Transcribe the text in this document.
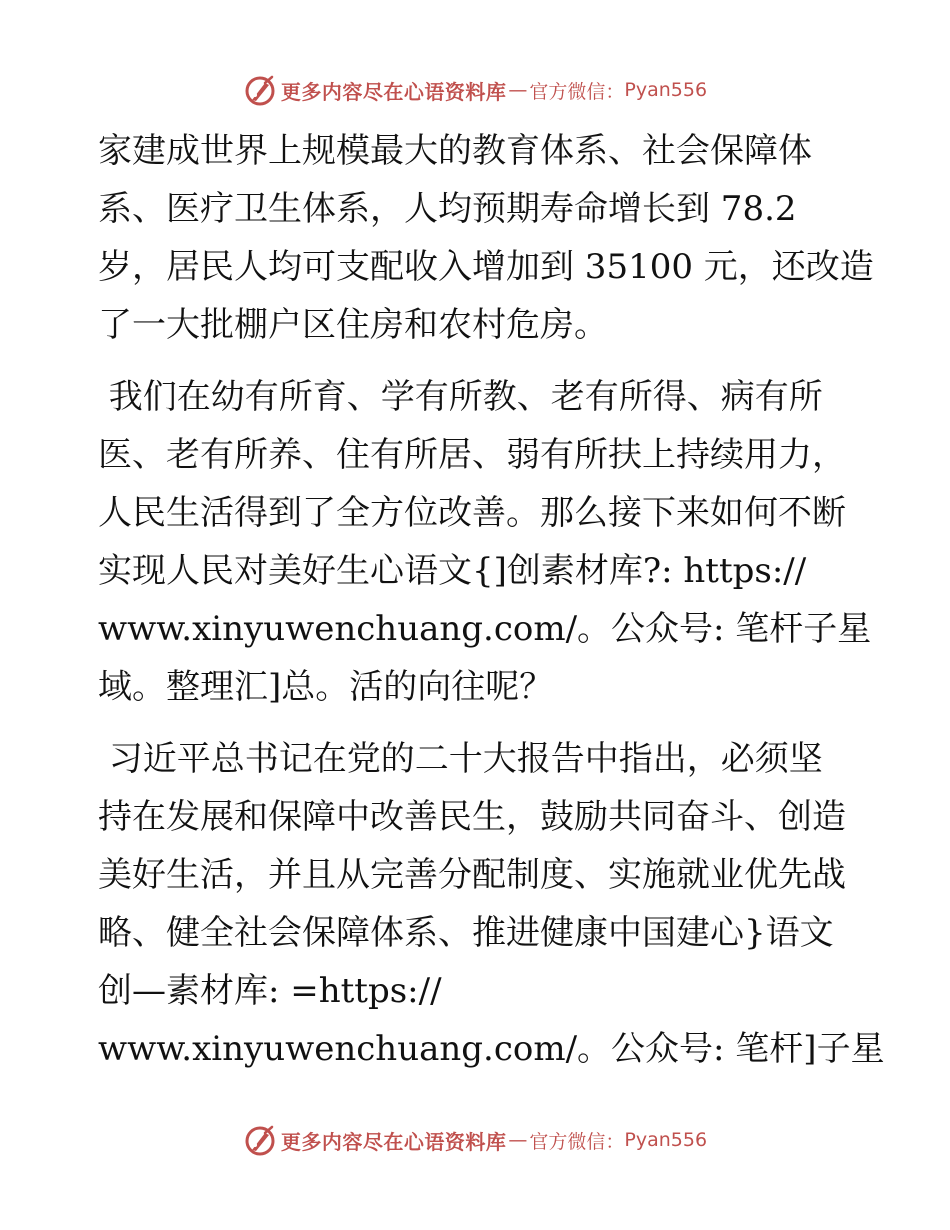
更多内容尽在心语资料库 — 官方微信： Pyan556
家建成世界上规模最大的教育体系、社会保障体
系、医疗卫生体系，人均预期寿命增长到 78.2
岁，居民人均可支配收入增加到 35100 元，还改造
了一大批棚户区住房和农村危房。
我们在幼有所育、学有所教、老有所得、病有所
医、老有所养、住有所居、弱有所扶上持续用力，
人民生活得到了全方位改善。那么接下来如何不断
实现人民对美好生心语文{]创素材库?: https://
www.xinyuwenchuang.com/。公众号: 笔杆子星
域。整理汇]总。活的向往呢？
习近平总书记在党的二十大报告中指出，必须坚
持在发展和保障中改善民生，鼓励共同奋斗、创造
美好生活，并且从完善分配制度、实施就业优先战
略、健全社会保障体系、推进健康中国建心}语文
创—素材库: =https://
www.xinyuwenchuang.com/。公众号: 笔杆]子星
更多内容尽在心语资料库 — 官方微信： Pyan556
